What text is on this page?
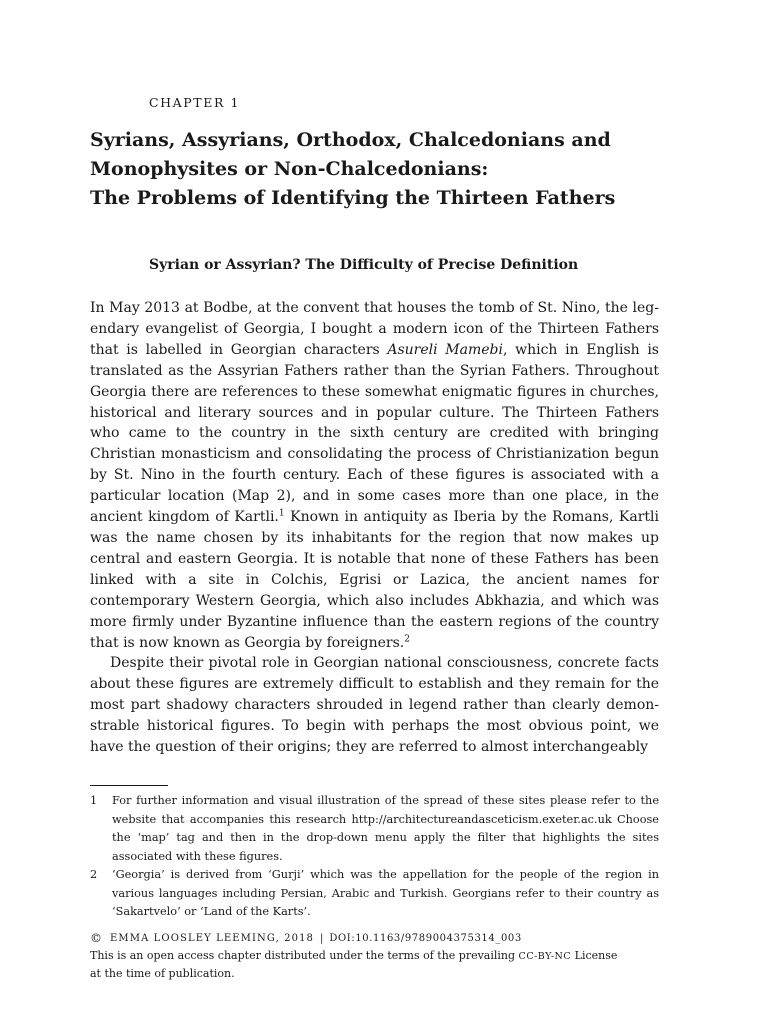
CHAPTER 1
Syrians, Assyrians, Orthodox, Chalcedonians and
Monophysites or Non-Chalcedonians:
The Problems of Identifying the Thirteen Fathers
Syrian or Assyrian? The Difficulty of Precise Definition

In May 2013 at Bodbe, at the convent that houses the tomb of St. Nino, the legendary evangelist of Georgia, I bought a modern icon of the Thirteen Fathers that is labelled in Georgian characters Asureli Mamebi, which in English is translated as the Assyrian Fathers rather than the Syrian Fathers. Throughout Georgia there are references to these somewhat enigmatic figures in churches, historical and literary sources and in popular culture. The Thirteen Fathers who came to the country in the sixth century are credited with bringing Christian monasticism and consolidating the process of Christianization begun by St. Nino in the fourth century. Each of these figures is associated with a particular location (Map 2), and in some cases more than one place, in the ancient kingdom of Kartli.$^1$ Known in antiquity as Iberia by the Romans, Kartli was the name chosen by its inhabitants for the region that now makes up central and eastern Georgia. It is notable that none of these Fathers has been linked with a site in Colchis, Egrisi or Lazica, the ancient names for contemporary Western Georgia, which also includes Abkhazia, and which was more firmly under Byzantine influence than the eastern regions of the country that is now known as Georgia by foreigners.$^2$

Despite their pivotal role in Georgian national consciousness, concrete facts about these figures are extremely difficult to establish and they remain for the most part shadowy characters shrouded in legend rather than clearly demonstrable historical figures. To begin with perhaps the most obvious point, we have the question of their origins; they are referred to almost interchangeably

1	For further information and visual illustration of the spread of these sites please refer to the website that accompanies this research http://architectureandasceticism.exeter.ac.uk Choose the ‘map’ tag and then in the drop-down menu apply the filter that highlights the sites associated with these figures.
2	‘Georgia’ is derived from ‘Gurji’ which was the appellation for the people of the region in various languages including Persian, Arabic and Turkish. Georgians refer to their country as ‘Sakartvelo’ or ‘Land of the Karts’.
© EMMA LOOSLEY LEEMING, 2018 | DOI:10.1163/9789004375314_003
This is an open access chapter distributed under the terms of the prevailing CC-BY-NC License
at the time of publication.
